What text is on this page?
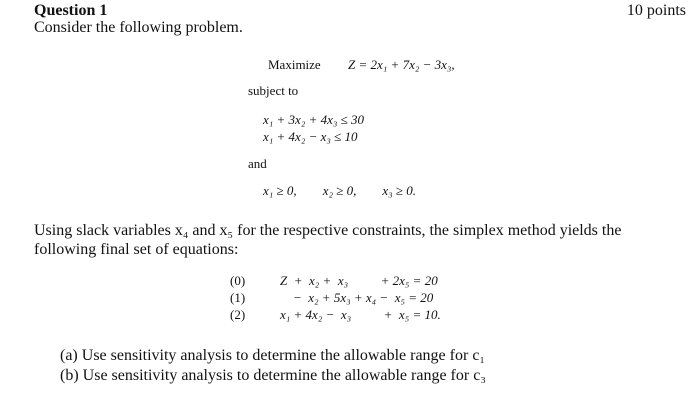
Question 1	10 points
Consider the following problem.
Maximize Z = 2x₁ + 7x₂ − 3x₃,
subject to
x₁ + 3x₂ + 4x₃ ≤ 30
x₁ + 4x₂ − x₃ ≤ 10
and
x₁ ≥ 0, x₂ ≥ 0, x₃ ≥ 0.
Using slack variables x₄ and x₅ for the respective constraints, the simplex method yields the following final set of equations:
(0)	Z  +  x₂ +  x₃          + 2x₅ = 20
(1)	−  x₂ + 5x₃ + x₄ −  x₅ = 20
(2)	x₁ + 4x₂ −  x₃          +  x₅ = 10.
(a) Use sensitivity analysis to determine the allowable range for c₁
(b) Use sensitivity analysis to determine the allowable range for c₃
